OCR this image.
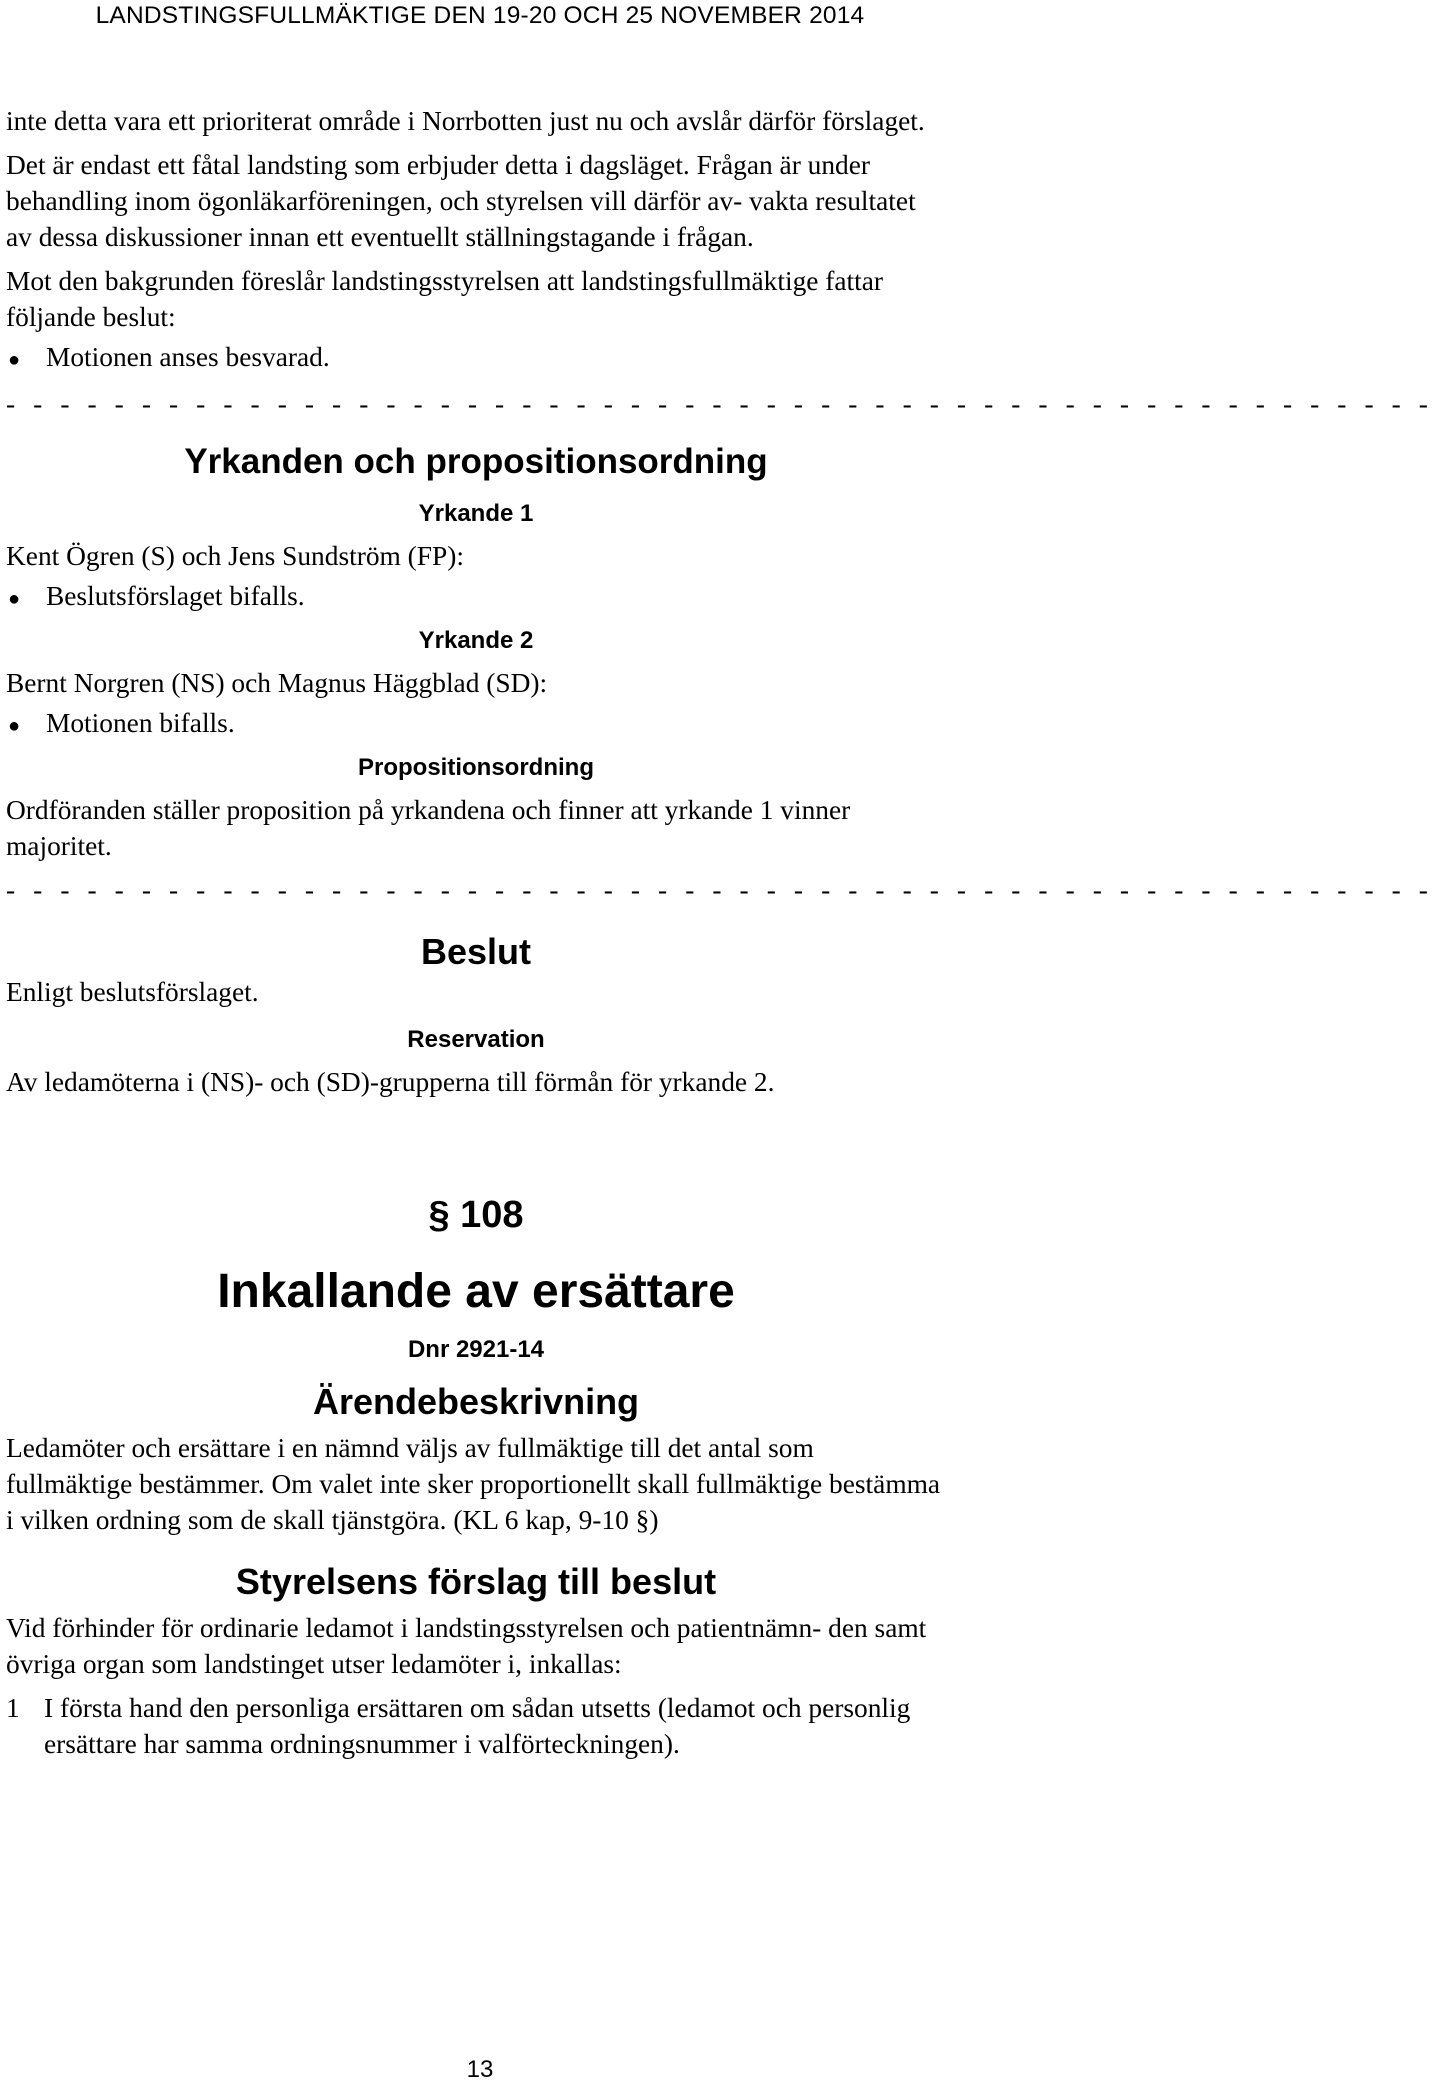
LANDSTINGSFULLMÄKTIGE DEN 19-20 OCH 25 NOVEMBER 2014

inte detta vara ett prioriterat område i Norrbotten just nu och avslår därför förslaget.

Det är endast ett fåtal landsting som erbjuder detta i dagsläget. Frågan är under behandling inom ögonläkarföreningen, och styrelsen vill därför av- vakta resultatet av dessa diskussioner innan ett eventuellt ställningstagande i frågan.

Mot den bakgrunden föreslår landstingsstyrelsen att landstingsfullmäktige fattar följande beslut:

● Motionen anses besvarad.
- - - - - - - - - - - - - - - - - - - - - - - - - - - - - - - - - - - - - - - - - - - - - - - - - - - - -
Yrkanden och propositionsordning
Yrkande 1

Kent Ögren (S) och Jens Sundström (FP):

● Beslutsförslaget bifalls.
Yrkande 2

Bernt Norgren (NS) och Magnus Häggblad (SD):

● Motionen bifalls.
Propositionsordning

Ordföranden ställer proposition på yrkandena och finner att yrkande 1 vinner majoritet.

- - - - - - - - - - - - - - - - - - - - - - - - - - - - - - - - - - - - - - - - - - - - - - - - - - - - -
Beslut

Enligt beslutsförslaget.

Reservation

Av ledamöterna i (NS)- och (SD)-grupperna till förmån för yrkande 2.

§ 108
Inkallande av ersättare
Dnr 2921-14
Ärendebeskrivning

Ledamöter och ersättare i en nämnd väljs av fullmäktige till det antal som fullmäktige bestämmer. Om valet inte sker proportionellt skall fullmäktige bestämma i vilken ordning som de skall tjänstgöra. (KL 6 kap, 9-10 §)

Styrelsens förslag till beslut

Vid förhinder för ordinarie ledamot i landstingsstyrelsen och patientnämn- den samt övriga organ som landstinget utser ledamöter i, inkallas:

1 I första hand den personliga ersättaren om sådan utsetts (ledamot och personlig ersättare har samma ordningsnummer i valförteckningen).
13
